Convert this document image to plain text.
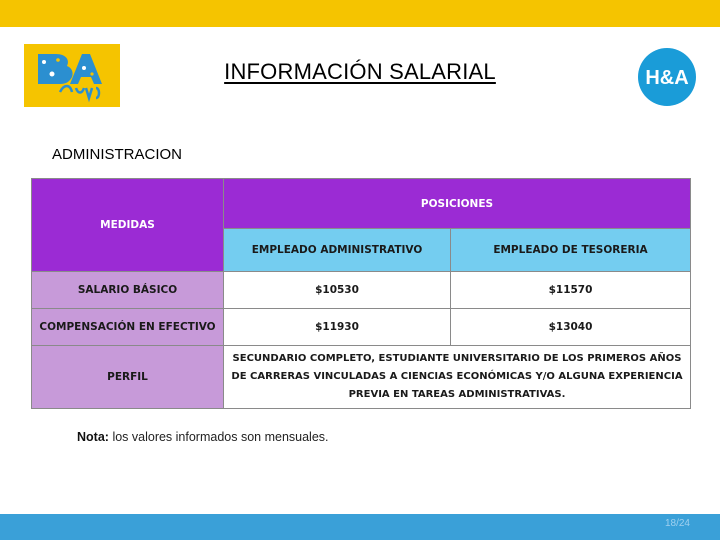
INFORMACIÓN SALARIAL	H&A
ADMINISTRACION
MEDIDAS	POSICIONES	
	EMPLEADO ADMINISTRATIVO	EMPLEADO DE TESORERIA
SALARIO BÁSICO	$10530	$11570
COMPENSACIÓN EN EFECTIVO	$11930	$13040
PERFIL	SECUNDARIO COMPLETO, ESTUDIANTE UNIVERSITARIO DE LOS PRIMEROS AÑOS DE CARRERAS VINCULADAS A CIENCIAS ECONÓMICAS Y/O ALGUNA EXPERIENCIA PREVIA EN TAREAS ADMINISTRATIVAS.	
Nota: los valores informados son mensuales.
18/24
